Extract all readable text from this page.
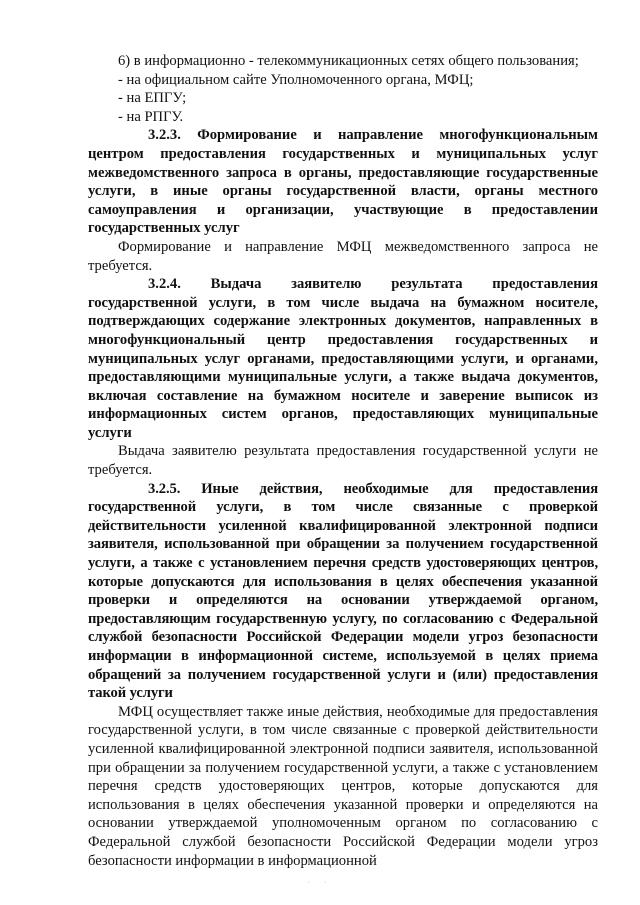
6) в информационно - телекоммуникационных сетях общего пользования;

- на официальном сайте Уполномоченного органа, МФЦ;

- на ЕПГУ;

- на РПГУ.

3.2.3. Формирование и направление многофункциональным центром предоставления государственных и муниципальных услуг межведомственного запроса в органы, предоставляющие государственные услуги, в иные органы государственной власти, органы местного самоуправления и организации, участвующие в предоставлении государственных услуг

Формирование и направление МФЦ межведомственного запроса не требуется.

3.2.4. Выдача заявителю результата предоставления государственной услуги, в том числе выдача на бумажном носителе, подтверждающих содержание электронных документов, направленных в многофункциональный центр предоставления государственных и муниципальных услуг органами, предоставляющими услуги, и органами, предоставляющими муниципальные услуги, а также выдача документов, включая составление на бумажном носителе и заверение выписок из информационных систем органов, предоставляющих муниципальные услуги

Выдача заявителю результата предоставления государственной услуги не требуется.

3.2.5. Иные действия, необходимые для предоставления государственной услуги, в том числе связанные с проверкой действительности усиленной квалифицированной электронной подписи заявителя, использованной при обращении за получением государственной услуги, а также с установлением перечня средств удостоверяющих центров, которые допускаются для использования в целях обеспечения указанной проверки и определяются на основании утверждаемой органом, предоставляющим государственную услугу, по согласованию с Федеральной службой безопасности Российской Федерации модели угроз безопасности информации в информационной системе, используемой в целях приема обращений за получением государственной услуги и (или) предоставления такой услуги

МФЦ осуществляет также иные действия, необходимые для предоставления государственной услуги, в том числе связанные с проверкой действительности усиленной квалифицированной электронной подписи заявителя, использованной при обращении за получением государственной услуги, а также с установлением перечня средств удостоверяющих центров, которые допускаются для использования в целях обеспечения указанной проверки и определяются на основании утверждаемой уполномоченным органом по согласованию с Федеральной службой безопасности Российской Федерации модели угроз безопасности информации в информационной

· ·
